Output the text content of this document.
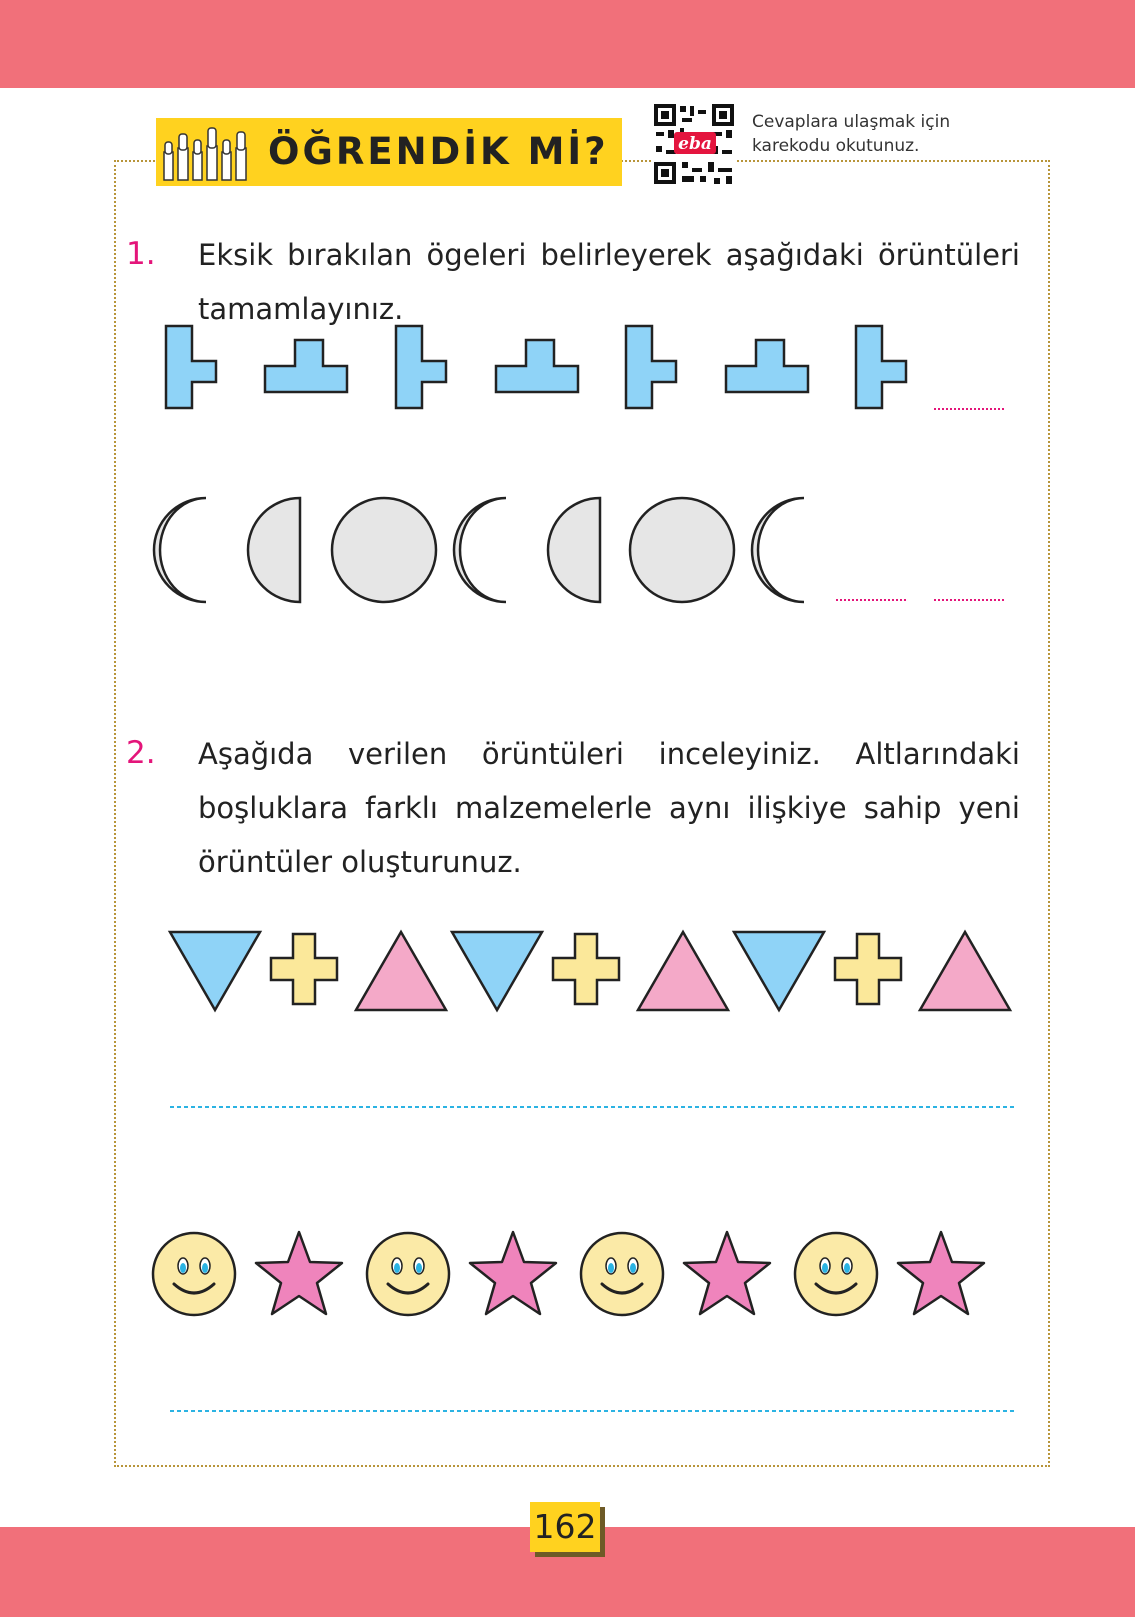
ÖĞRENDİK Mİ?	eba
Cevaplara ulaşmak için karekodu okutunuz.
1. Eksik bırakılan ögeleri belirleyerek aşağıdaki örüntüleri tamamlayınız.
2. Aşağıda verilen örüntüleri inceleyiniz. Altlarındaki boşluklara farklı malzemelerle aynı ilişkiye sahip yeni örüntüler oluşturunuz.
162
